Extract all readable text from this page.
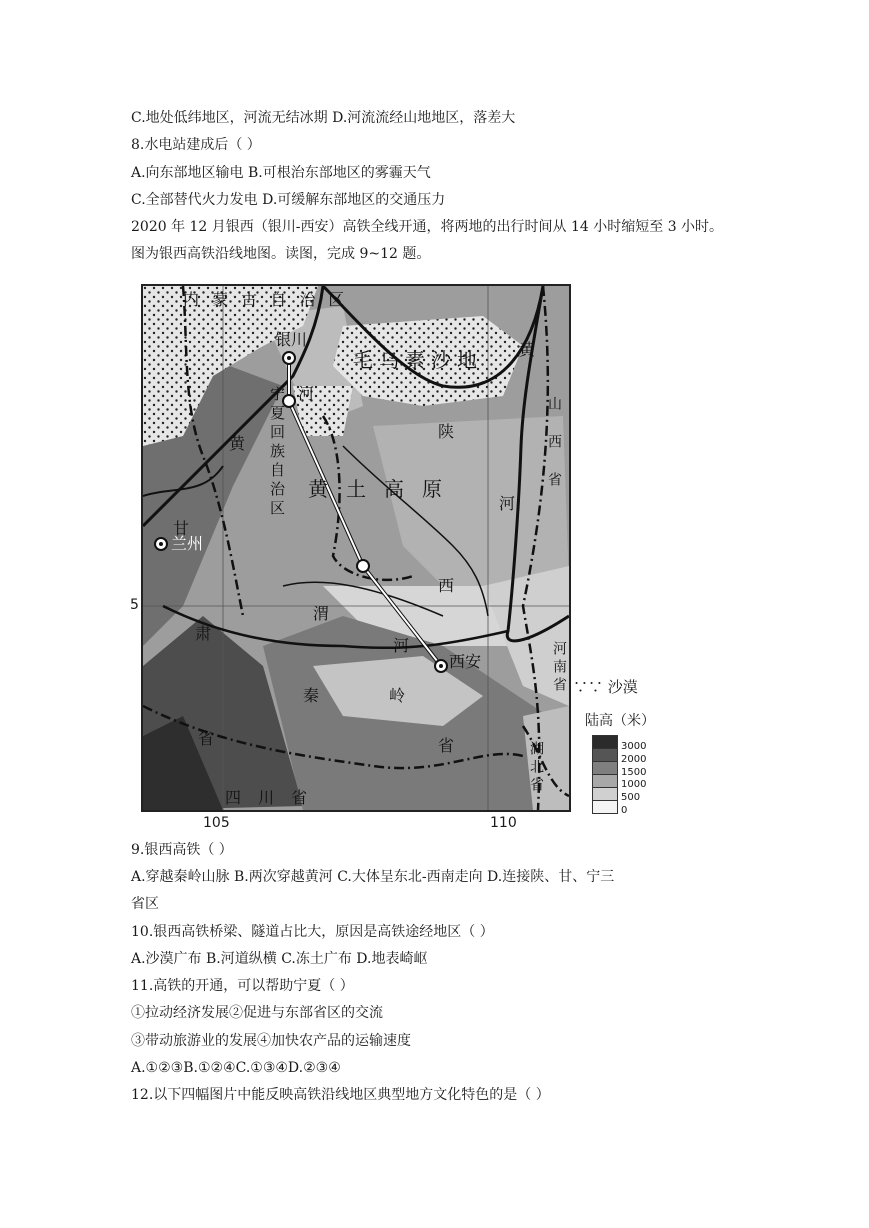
C.地处低纬地区，河流无结冰期 D.河流流经山地地区，落差大
8.水电站建成后（ ）
A.向东部地区输电 B.可根治东部地区的雾霾天气
C.全部替代火力发电 D.可缓解东部地区的交通压力
2020 年 12 月银西（银川-西安）高铁全线开通，将两地的出行时间从 14 小时缩短至 3 小时。
图为银西高铁沿线地图。读图，完成 9~12 题。
内 蒙 古 自 治 区
毛乌素沙地
黄土高原
银川
西安
兰州
河
宁夏回族自治区
黄
陕
西
渭
河
秦岭
甘
肃
省
四 川 省
省	湖北省
河南省
山西省
黄
河
105	110
5
∵∵ 沙漠
陆高（米）
3000
2000
1500
1000
500
0
9.银西高铁（ ）
A.穿越秦岭山脉 B.两次穿越黄河 C.大体呈东北-西南走向 D.连接陕、甘、宁三
省区
10.银西高铁桥梁、隧道占比大，原因是高铁途经地区（ ）
A.沙漠广布 B.河道纵横 C.冻土广布 D.地表崎岖
11.高铁的开通，可以帮助宁夏（ ）
①拉动经济发展②促进与东部省区的交流
③带动旅游业的发展④加快农产品的运输速度
A.①②③B.①②④C.①③④D.②③④
12.以下四幅图片中能反映高铁沿线地区典型地方文化特色的是（ ）
